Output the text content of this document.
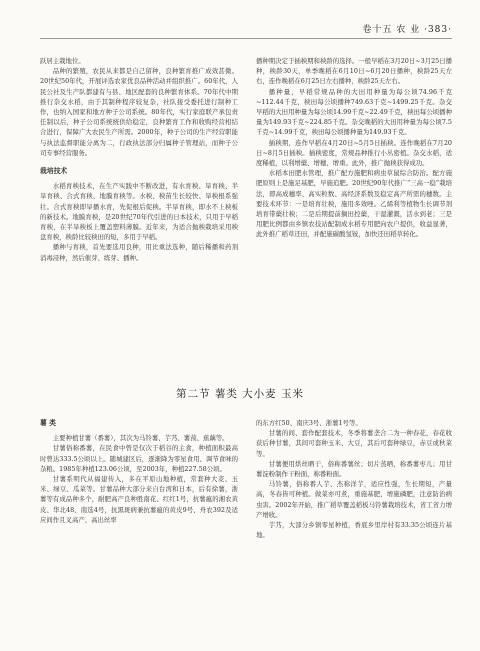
卷十五 农 业 ·383·

跃居主栽地位。

品种的繁殖，农民从来都是自己留种，良种繁育推广成效甚微。20世纪50年代，开展评选农家优良品种活动并组织推广。60年代，人民公社及生产队都建有与县、地区配套的良种繁育体系。70年代中期推行杂交水稻，由于其制种程序较复杂，社队接受委托进行制种工作，也纳入国家和地方种子公司系统。80年代，实行家庭联产承包责任制以后，种子公司系统统供给稳定，良种繁育工作和收购经营相结合进行，保障广大农民生产所需。2000年，种子公司的生产经营职能与执法监督职能分离为二，行政执法部分归属种子管理站，而种子公司专事经营服务。

栽培技术

水稻育秧技术，在生产实践中不断改进，有水育秧、旱育秧、半旱育秧、合式育秧、地膜育秧等。水秧、秧苗生长较快、旱秧根系强壮。合式育秧即旱播水育，先促根后促秧。半旱育秧，即水不上秧板的新技术。地膜育秧，是20世纪70年代引进的日本技术，只用于早稻育秧，在半旱秧板上覆盖塑料薄膜。近年来，为适合抛秧栽培采用秧盘育秧，秧龄比较秧田的短，多用于早稻。

播种与育秧，首先要选用良种，用比重法选种，随后稀播和药剂消毒浸种，然后催芽、练芽、播种。

播种期决定于插秧期和秧龄的选择。一般早稻在3月20日~3月25日播种，秧龄30天，单季晚稻在6月10日~6月20日播种，秧龄25天左右，连作晚稻在6月25日左右播种，秧龄25天左右。

播种量，早稻常规品种的大田用种量为每公顷74.96千克~112.44千克，秧田每公顷播种749.63千克~1499.25千克。杂交早稻的大田用种量为每公顷14.99千克~22.49千克，秧田每公顷播种量为149.93千克~224.85千克。杂交晚稻的大田用种量为每公顷7.5千克~14.99千克，秧田每公顷播种量为149.93千克。

插秧期，连作早稻在4月20日~5月5日插秧。连作晚稻在7月20日~8月5日插秧。插秧密度，常规品种推行小丛密植。杂交水稻，适度稀植，以利增蘖、增穗、增重。此外，推广抛秧获得成功。

水稻本田肥水管理，推广配方施肥和病虫草鼠综合防治。配方施肥原则上是施足基肥，早施追肥。20世纪90年代推广“三高一稳”栽培法，即高成穗率、高实粒数、高经济系数及稳定高产所需的穗数。主要技术环节：一是培育壮秧，施用多效唑。乙烯利等植物生长调节剂培育带蘖壮秧；二是后期提前搁田控蘖，干湿灌溉，活水到老；三是用肥比例都由乡镇农技站配制成水稻专用肥向农户提供，收益显著，此外推广稻草还田，并配施碳酸氢铵，加快还田稻草转化。

第二节 薯类 大小麦 玉米
薯 类

主要种植甘薯（番薯），其次为马铃薯、芋艿、薯蓣、蕉藕等。

甘薯俗称番薯，在民食中曾是仅次于稻谷的主食，种植面积最高时曾达333.5公顷以上。随城建区后，逐渐降为零星食用、调节食味的杂粮。1985年种植123.06公顷，至2003年，种植227.58公顷。

甘薯系明代从福建传入，多在平原山地种植，常套种大麦、玉米、绿豆、瓜菜等。甘薯品种大部分来自台湾和日本，后有徐薯，浙薯等有成品种多个，耐肥高产良种胜南花、红红1号，抗薯瘟的湘农黄皮、华北48、南选4号，抗黑斑病兼抗薯瘟的黄皮9号、舟农392及适应间作且叉高产、高出丝率

的东方红50、南庆3号、浙薯1号等。

甘薯的间、套作配套技术，冬季将薯垄合二为一种春花，春花收获后种甘薯，其间可套种玉米、大豆，其后可套种绿豆，赤豆或秋菜等。

甘薯便用烘丝晒干，俗称番薯丝；切片蒸晒，称番薯枣儿；用甘薯淀粉制作干粉面，称番粉面。

马铃薯，俗称番人芋、杰称洋芋，适应性强，生长期短，产量高，冬春皆可种植。做菜亦可煮，重施基肥，增施磷肥，注意防治病虫害。2002年开始，推广稻草覆盖稻板马铃薯栽培技术，省工省力增产增收。

芋艿，大部分乡镇零星种植，香底乡里岸村有33.35公顷连片基地。
